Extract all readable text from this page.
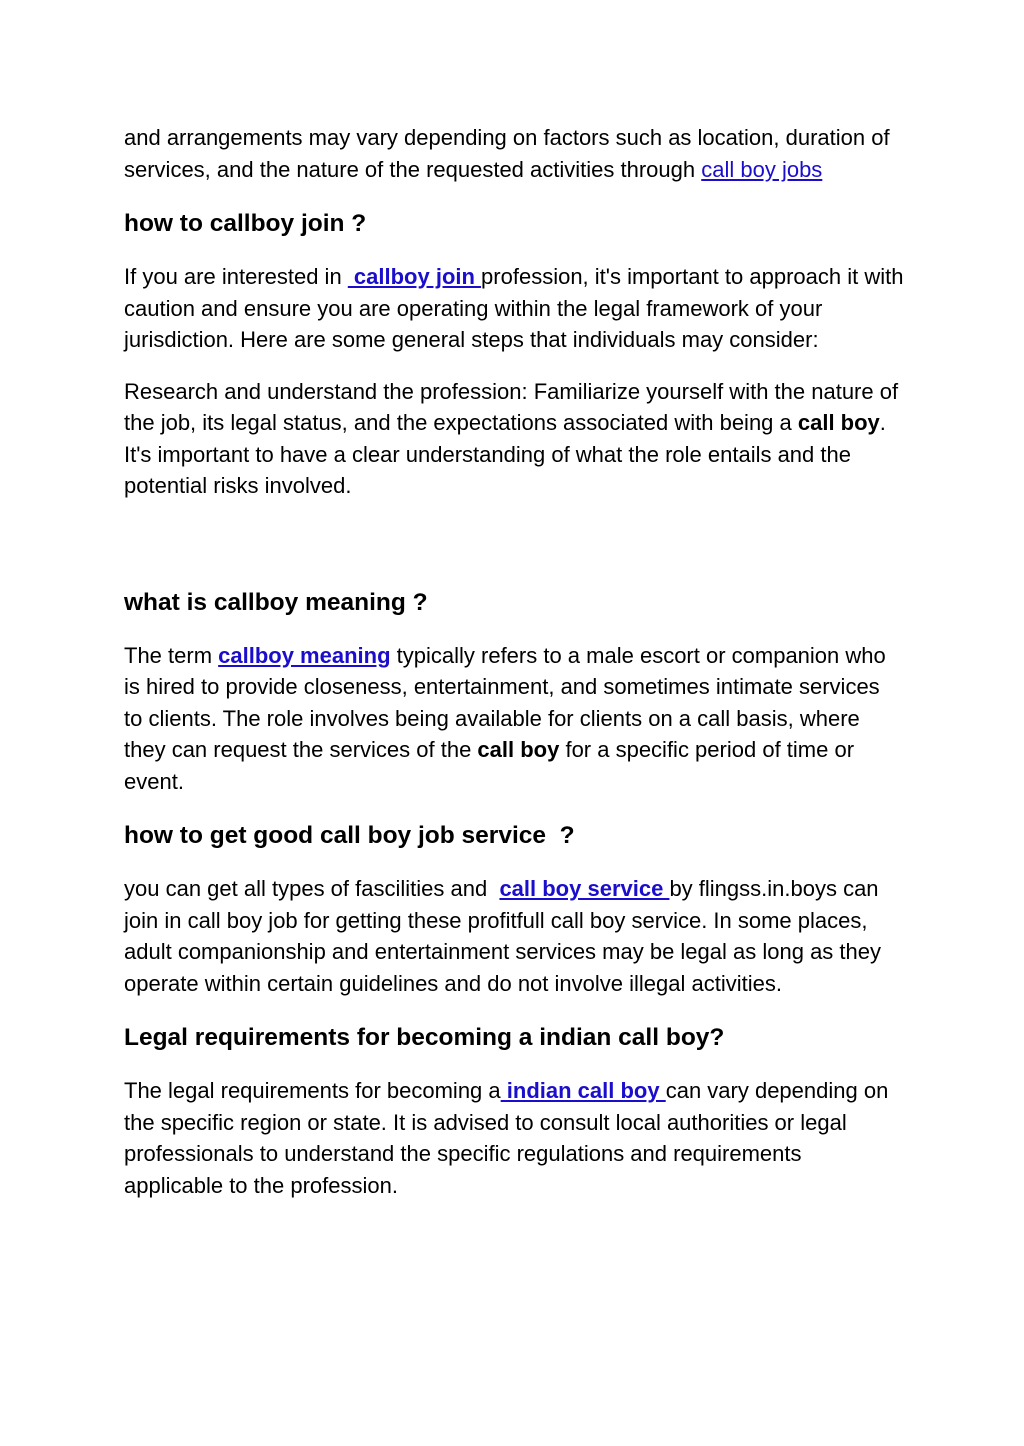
and arrangements may vary depending on factors such as location, duration of services, and the nature of the requested activities through call boy jobs

how to callboy join ?

If you are interested in  callboy join profession, it's important to approach it with caution and ensure you are operating within the legal framework of your jurisdiction. Here are some general steps that individuals may consider:

Research and understand the profession: Familiarize yourself with the nature of the job, its legal status, and the expectations associated with being a call boy. It's important to have a clear understanding of what the role entails and the potential risks involved.

what is callboy meaning ?

The term callboy meaning typically refers to a male escort or companion who is hired to provide closeness, entertainment, and sometimes intimate services to clients. The role involves being available for clients on a call basis, where they can request the services of the call boy for a specific period of time or event.

how to get good call boy job service  ?

you can get all types of fascilities and  call boy service by flingss.in.boys can join in call boy job for getting these profitfull call boy service. In some places, adult companionship and entertainment services may be legal as long as they operate within certain guidelines and do not involve illegal activities.

Legal requirements for becoming a indian call boy?

The legal requirements for becoming a indian call boy can vary depending on the specific region or state. It is advised to consult local authorities or legal professionals to understand the specific regulations and requirements applicable to the profession.
